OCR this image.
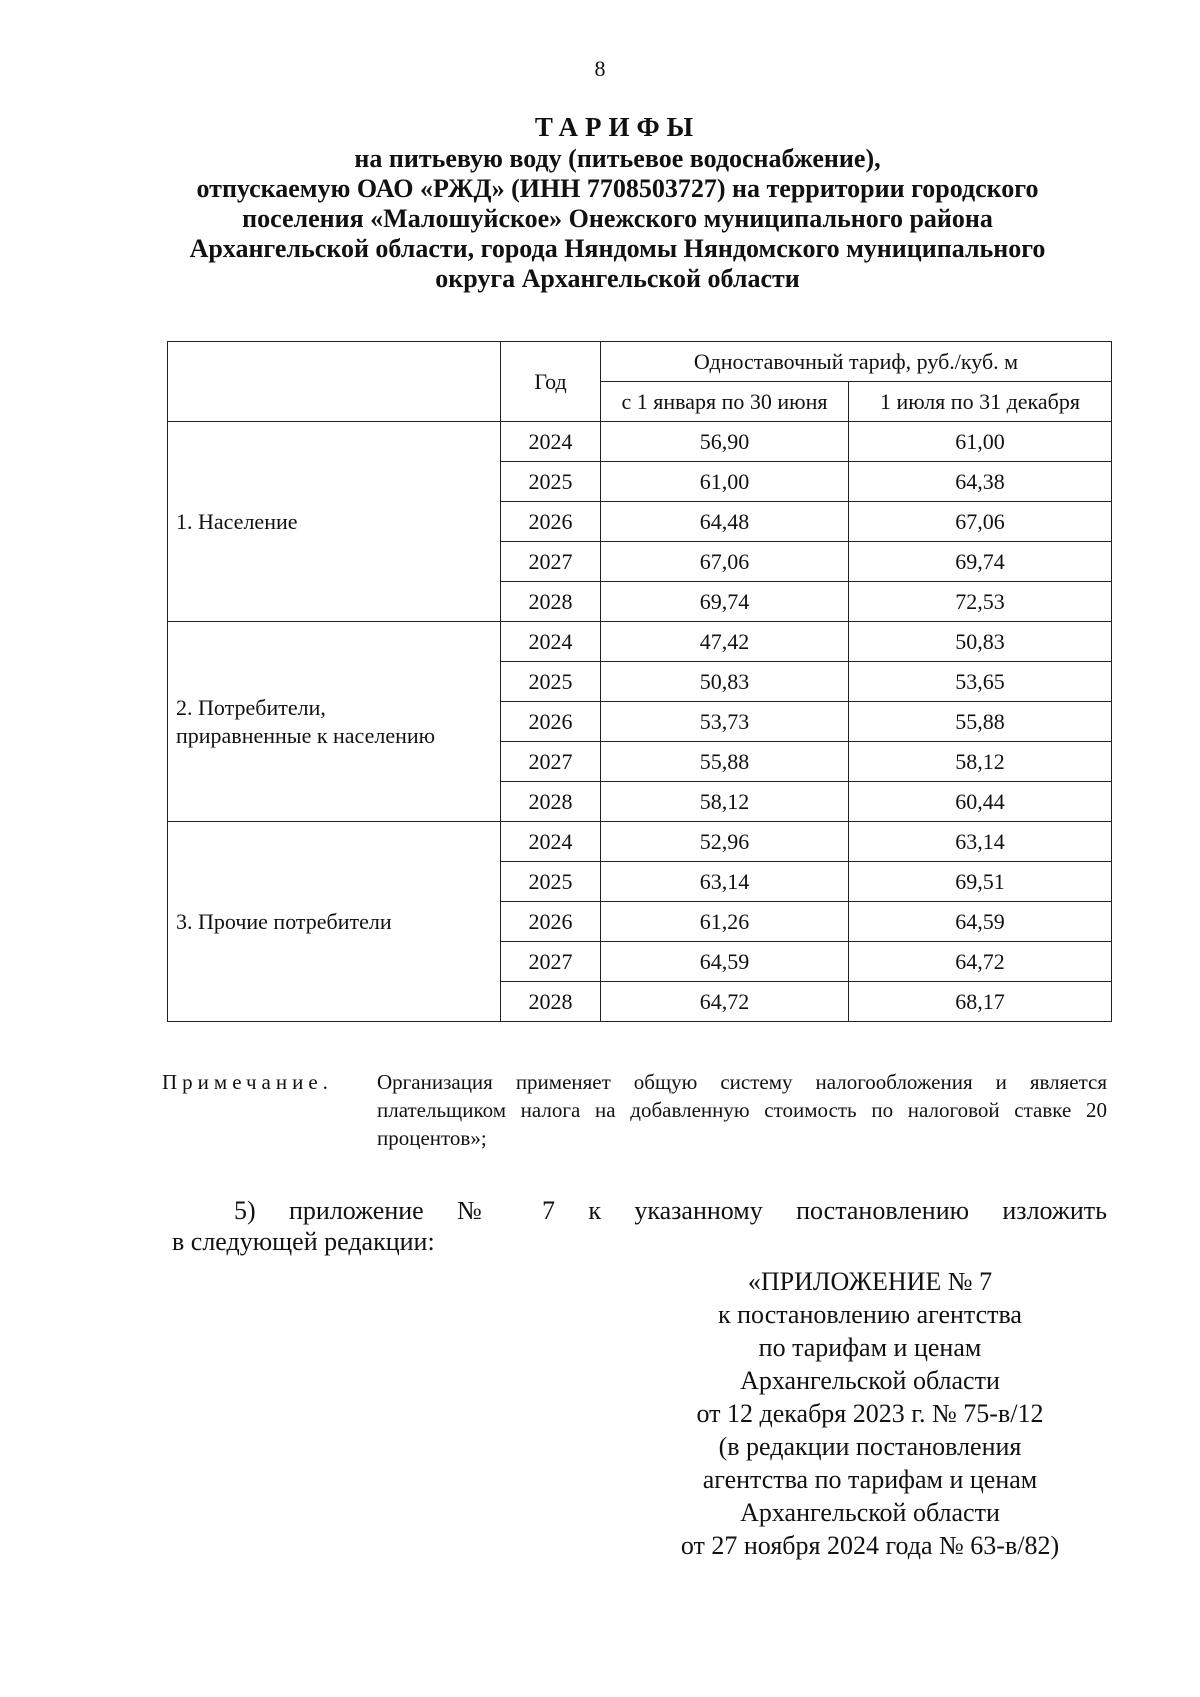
8
ТАРИФЫ
на питьевую воду (питьевое водоснабжение),
отпускаемую ОАО «РЖД» (ИНН 7708503727) на территории городского
поселения «Малошуйское» Онежского муниципального района
Архангельской области, города Няндомы Няндомского муниципального
округа Архангельской области
	Год	Одноставочный тариф, руб./куб. м	
		с 1 января по 30 июня	1 июля по 31 декабря
1. Население	2024	56,90	61,00
	2025	61,00	64,38
	2026	64,48	67,06
	2027	67,06	69,74
	2028	69,74	72,53
2. Потребители,
приравненные к населению	2024	47,42	50,83
	2025	50,83	53,65
	2026	53,73	55,88
	2027	55,88	58,12
	2028	58,12	60,44
3. Прочие потребители	2024	52,96	63,14
	2025	63,14	69,51
	2026	61,26	64,59
	2027	64,59	64,72
	2028	64,72	68,17
Примечание. Организация применяет общую систему налогообложения и является плательщиком налога на добавленную стоимость по налоговой ставке 20 процентов»;
5) приложение № 7 к указанному постановлению изложить
в следующей редакции:
«ПРИЛОЖЕНИЕ № 7
к постановлению агентства
по тарифам и ценам
Архангельской области
от 12 декабря 2023 г. № 75-в/12
(в редакции постановления
агентства по тарифам и ценам
Архангельской области
от 27 ноября 2024 года № 63-в/82)
